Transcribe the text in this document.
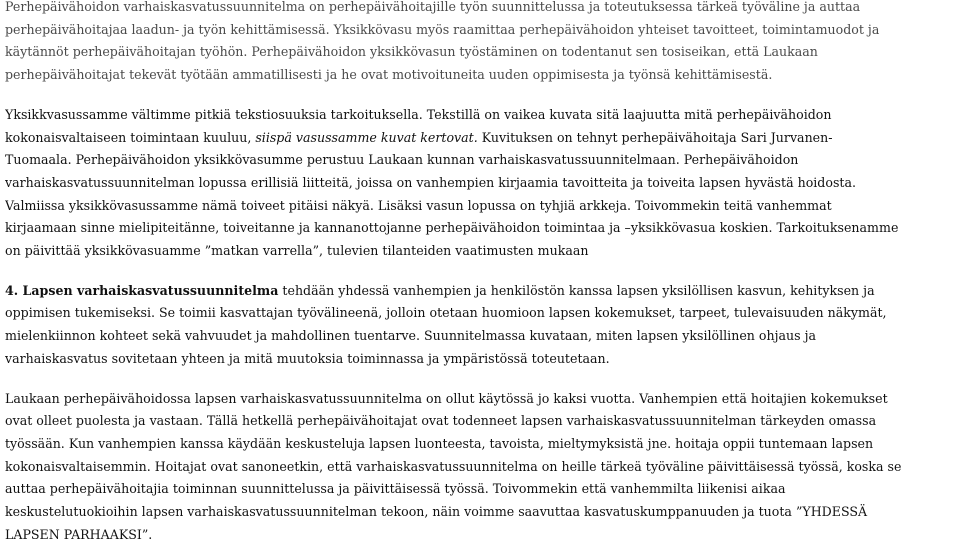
Perhepäivähoidon varhaiskasvatussuunnitelma on perhepäivähoitajille työn suunnittelussa ja toteutuksessa tärkeä työväline ja auttaa
perhepäivähoitajaa laadun- ja työn kehittämisessä. Yksikkövasu myös raamittaa perhepäivähoidon yhteiset tavoitteet, toimintamuodot ja
käytännöt perhepäivähoitajan työhön. Perhepäivähoidon yksikkövasun työstäminen on todentanut sen tosiseikan, että Laukaan
perhepäivähoitajat tekevät työtään ammatillisesti ja he ovat motivoituneita uuden oppimisesta ja työnsä kehittämisestä.

Yksikkvasussamme vältimme pitkiä tekstiosuuksia tarkoituksella. Tekstillä on vaikea kuvata sitä laajuutta mitä perhepäivähoidon
kokonaisvaltaiseen toimintaan kuuluu, siispä vasussamme kuvat kertovat. Kuvituksen on tehnyt perhepäivähoitaja Sari Jurvanen-
Tuomaala. Perhepäivähoidon yksikkövasumme perustuu Laukaan kunnan varhaiskasvatussuunnitelmaan. Perhepäivähoidon
varhaiskasvatussuunnitelman lopussa erillisiä liitteitä, joissa on vanhempien kirjaamia tavoitteita ja toiveita lapsen hyvästä hoidosta.
Valmiissa yksikkövasussamme nämä toiveet pitäisi näkyä. Lisäksi vasun lopussa on tyhjiä arkkeja. Toivommekin teitä vanhemmat
kirjaamaan sinne mielipiteitänne, toiveitanne ja kannanottojanne perhepäivähoidon toimintaa ja –yksikkövasua koskien. Tarkoituksenamme
on päivittää yksikkövasuamme ”matkan varrella”, tulevien tilanteiden vaatimusten mukaan

4. Lapsen varhaiskasvatussuunnitelma tehdään yhdessä vanhempien ja henkilöstön kanssa lapsen yksilöllisen kasvun, kehityksen ja
oppimisen tukemiseksi. Se toimii kasvattajan työvälineenä, jolloin otetaan huomioon lapsen kokemukset, tarpeet, tulevaisuuden näkymät,
mielenkiinnon kohteet sekä vahvuudet ja mahdollinen tuentarve. Suunnitelmassa kuvataan, miten lapsen yksilöllinen ohjaus ja
varhaiskasvatus sovitetaan yhteen ja mitä muutoksia toiminnassa ja ympäristössä toteutetaan.

Laukaan perhepäivähoidossa lapsen varhaiskasvatussuunnitelma on ollut käytössä jo kaksi vuotta. Vanhempien että hoitajien kokemukset
ovat olleet puolesta ja vastaan. Tällä hetkellä perhepäivähoitajat ovat todenneet lapsen varhaiskasvatussuunnitelman tärkeyden omassa
työssään. Kun vanhempien kanssa käydään keskusteluja lapsen luonteesta, tavoista, mieltymyksistä jne. hoitaja oppii tuntemaan lapsen
kokonaisvaltaisemmin. Hoitajat ovat sanoneetkin, että varhaiskasvatussuunnitelma on heille tärkeä työväline päivittäisessä työssä, koska se
auttaa perhepäivähoitajia toiminnan suunnittelussa ja päivittäisessä työssä. Toivommekin että vanhemmilta liikenisi aikaa
keskustelutuokioihin lapsen varhaiskasvatussuunnitelman tekoon, näin voimme saavuttaa kasvatuskumppanuuden ja tuota ”YHDESSÄ
LAPSEN PARHAAKSI”.
